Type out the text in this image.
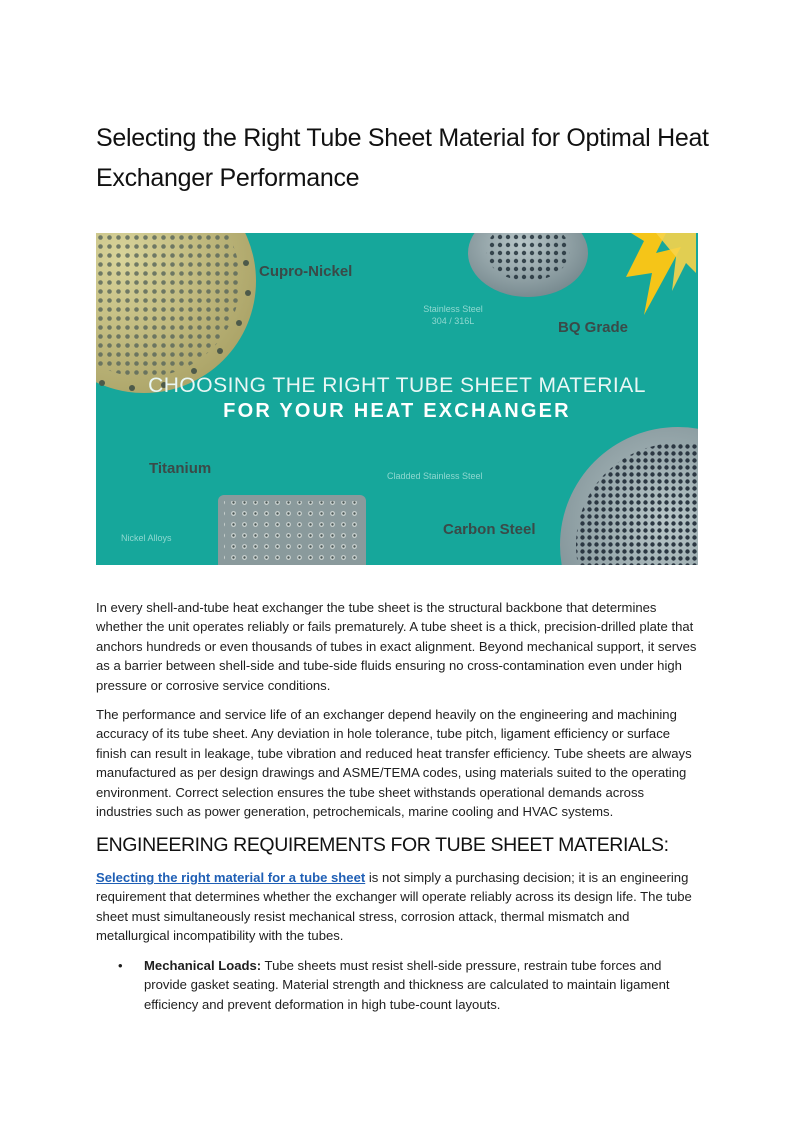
Selecting the Right Tube Sheet Material for Optimal Heat Exchanger Performance
Cupro-Nickel
Stainless Steel
304 / 316L	BQ Grade
CHOOSING THE RIGHT TUBE SHEET MATERIAL
FOR YOUR HEAT EXCHANGER
Titanium	Cladded Stainless Steel
Carbon Steel
Nickel Alloys

In every shell-and-tube heat exchanger the tube sheet is the structural backbone that determines whether the unit operates reliably or fails prematurely. A tube sheet is a thick, precision-drilled plate that anchors hundreds or even thousands of tubes in exact alignment. Beyond mechanical support, it serves as a barrier between shell-side and tube-side fluids ensuring no cross-contamination even under high pressure or corrosive service conditions.

The performance and service life of an exchanger depend heavily on the engineering and machining accuracy of its tube sheet. Any deviation in hole tolerance, tube pitch, ligament efficiency or surface finish can result in leakage, tube vibration and reduced heat transfer efficiency. Tube sheets are always manufactured as per design drawings and ASME/TEMA codes, using materials suited to the operating environment. Correct selection ensures the tube sheet withstands operational demands across industries such as power generation, petrochemicals, marine cooling and HVAC systems.

ENGINEERING REQUIREMENTS FOR TUBE SHEET MATERIALS:

Selecting the right material for a tube sheet is not simply a purchasing decision; it is an engineering requirement that determines whether the exchanger will operate reliably across its design life. The tube sheet must simultaneously resist mechanical stress, corrosion attack, thermal mismatch and metallurgical incompatibility with the tubes.

• Mechanical Loads: Tube sheets must resist shell-side pressure, restrain tube forces and provide gasket seating. Material strength and thickness are calculated to maintain ligament efficiency and prevent deformation in high tube-count layouts.
